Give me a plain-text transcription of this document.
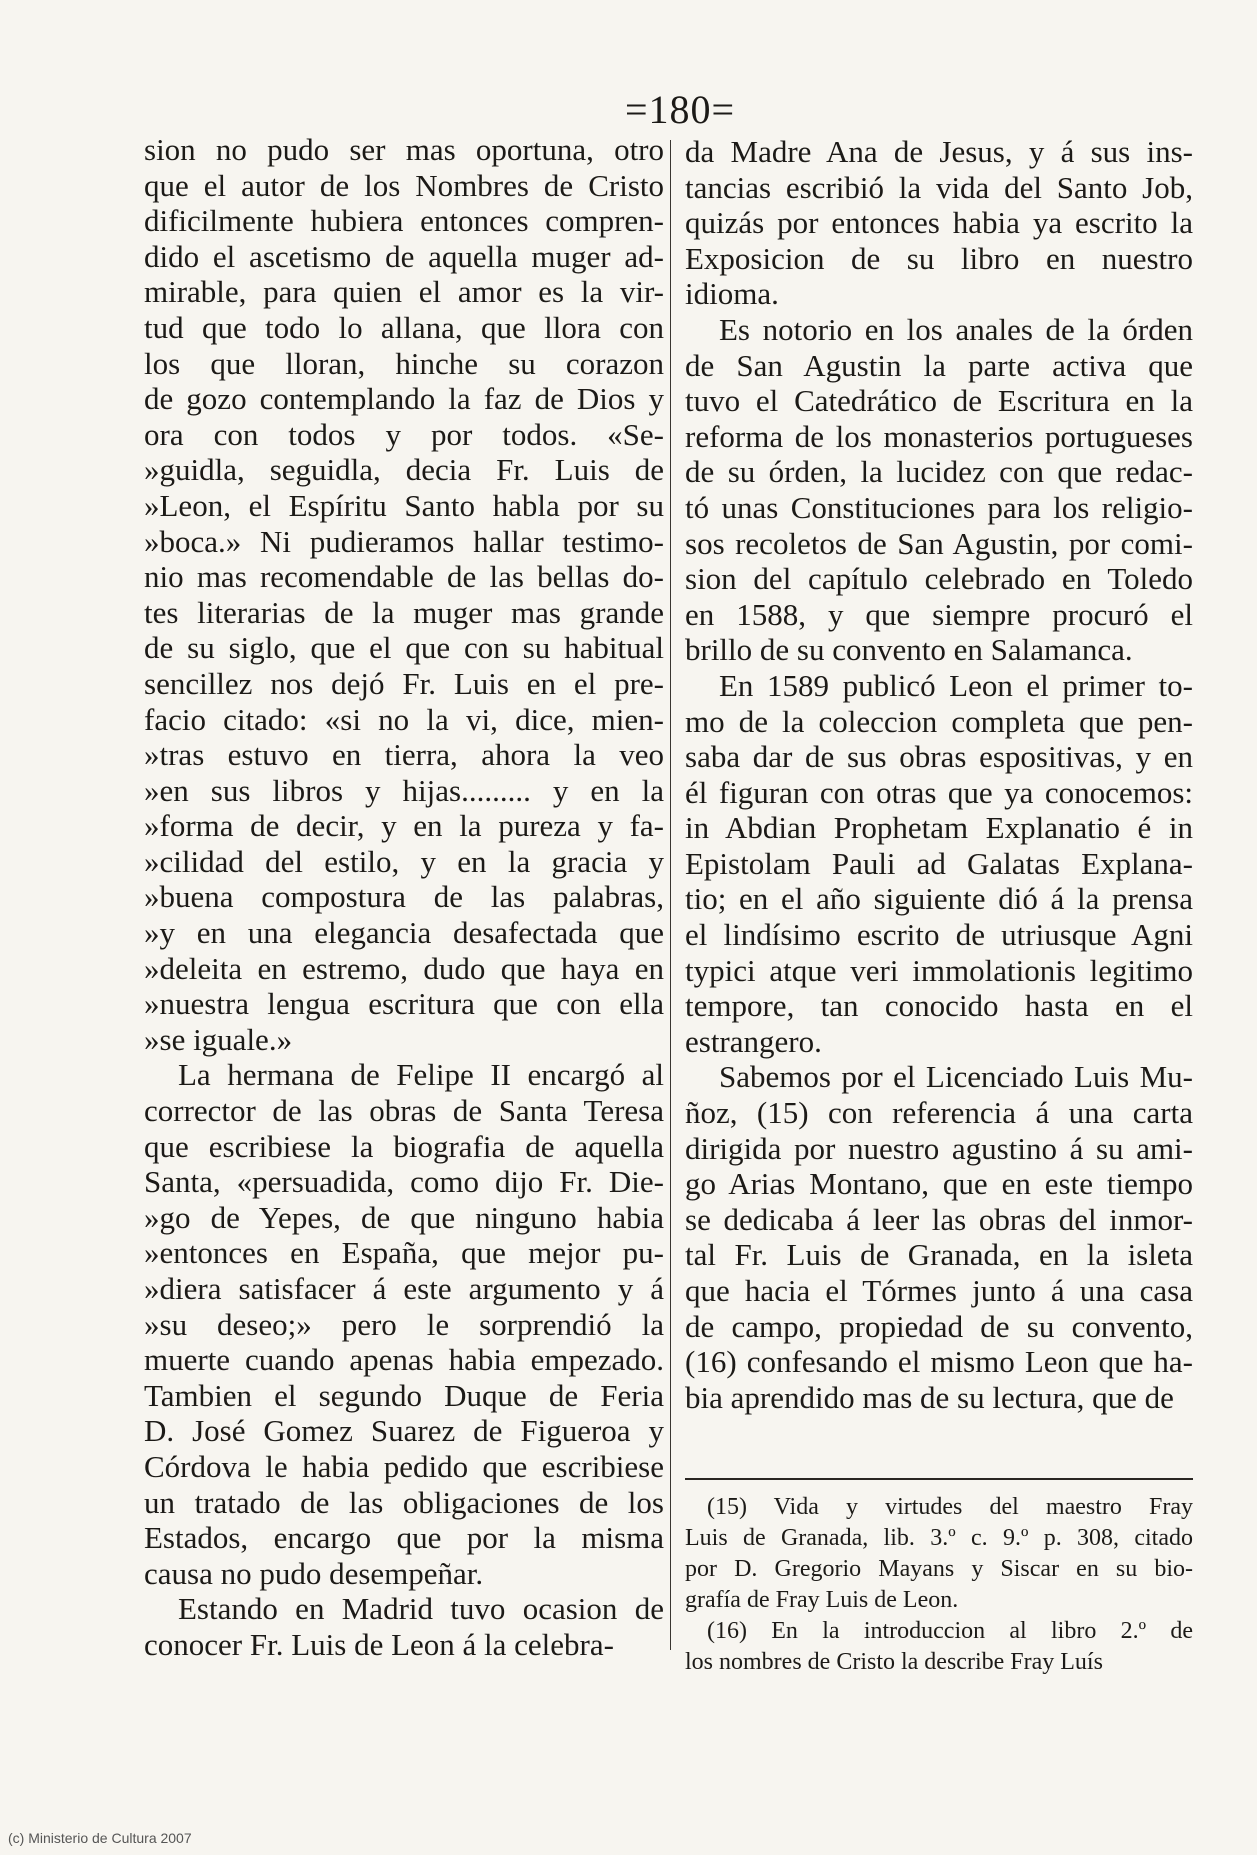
=180=
sion no pudo ser mas oportuna, otro
que el autor de los Nombres de Cristo
dificilmente hubiera entonces compren-
dido el ascetismo de aquella muger ad-
mirable, para quien el amor es la vir-
tud que todo lo allana, que llora con
los que lloran, hinche su corazon
de gozo contemplando la faz de Dios y
ora con todos y por todos. «Se-
»guidla, seguidla, decia Fr. Luis de
»Leon, el Espíritu Santo habla por su
»boca.» Ni pudieramos hallar testimo-
nio mas recomendable de las bellas do-
tes literarias de la muger mas grande
de su siglo, que el que con su habitual
sencillez nos dejó Fr. Luis en el pre-
facio citado: «si no la vi, dice, mien-
»tras estuvo en tierra, ahora la veo
»en sus libros y hijas......... y en la
»forma de decir, y en la pureza y fa-
»cilidad del estilo, y en la gracia y
»buena compostura de las palabras,
»y en una elegancia desafectada que
»deleita en estremo, dudo que haya en
»nuestra lengua escritura que con ella
»se iguale.»
La hermana de Felipe II encargó al
corrector de las obras de Santa Teresa
que escribiese la biografia de aquella
Santa, «persuadida, como dijo Fr. Die-
»go de Yepes, de que ninguno habia
»entonces en España, que mejor pu-
»diera satisfacer á este argumento y á
»su deseo;» pero le sorprendió la
muerte cuando apenas habia empezado.
Tambien el segundo Duque de Feria
D. José Gomez Suarez de Figueroa y
Córdova le habia pedido que escribiese
un tratado de las obligaciones de los
Estados, encargo que por la misma
causa no pudo desempeñar.
Estando en Madrid tuvo ocasion de
conocer Fr. Luis de Leon á la celebra-
da Madre Ana de Jesus, y á sus ins-
tancias escribió la vida del Santo Job,
quizás por entonces habia ya escrito la
Exposicion de su libro en nuestro
idioma.
Es notorio en los anales de la órden
de San Agustin la parte activa que
tuvo el Catedrático de Escritura en la
reforma de los monasterios portugueses
de su órden, la lucidez con que redac-
tó unas Constituciones para los religio-
sos recoletos de San Agustin, por comi-
sion del capítulo celebrado en Toledo
en 1588, y que siempre procuró el
brillo de su convento en Salamanca.
En 1589 publicó Leon el primer to-
mo de la coleccion completa que pen-
saba dar de sus obras espositivas, y en
él figuran con otras que ya conocemos:
in Abdian Prophetam Explanatio é in
Epistolam Pauli ad Galatas Explana-
tio; en el año siguiente dió á la prensa
el lindísimo escrito de utriusque Agni
typici atque veri immolationis legitimo
tempore, tan conocido hasta en el
estrangero.
Sabemos por el Licenciado Luis Mu-
ñoz, (15) con referencia á una carta
dirigida por nuestro agustino á su ami-
go Arias Montano, que en este tiempo
se dedicaba á leer las obras del inmor-
tal Fr. Luis de Granada, en la isleta
que hacia el Tórmes junto á una casa
de campo, propiedad de su convento,
(16) confesando el mismo Leon que ha-
bia aprendido mas de su lectura, que de
(15) Vida y virtudes del maestro Fray
Luis de Granada, lib. 3.º c. 9.º p. 308, citado
por D. Gregorio Mayans y Siscar en su bio-
grafía de Fray Luis de Leon.
(16) En la introduccion al libro 2.º de
los nombres de Cristo la describe Fray Luís
(c) Ministerio de Cultura 2007
